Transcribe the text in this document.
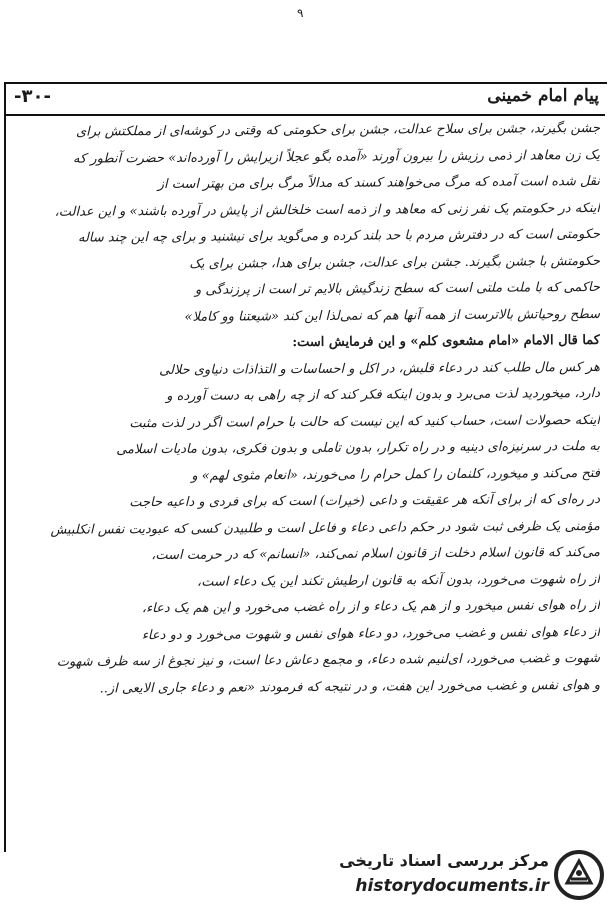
۹
-۳۰-	پیام امام خمینی
جشن بگیرند، جشن برای سلاح عدالت، جشن برای حکومتی که وقتی در کوشه‌ای از مملکتش برای
یک زن معاهد از ذمی رزیش را بیرون آورند «آمده بگو عجلاً ازیرایش را آورده‌اند» حضرت آنطور که
نقل شده است آمده که مرگ می‌خواهند کسند که مدالاً مرگ برای من بهتر است از
اینکه در حکومتم یک نفر زنی که معاهد و از ذمه است خلخالش از پایش در آورده باشند» و این عدالت،
حکومتی است که در دفترش مردم با حد بلند کرده و می‌گوید برای نیشنید و برای چه این چند ساله
حکومتش با جشن بگیرند. جشن برای عدالت، جشن برای هدا، جشن برای یک
حاکمی که با ملت ملتی است که سطح زندگیش بالایم تر است از پرزندگی و
سطح روحیاتش بالاترست از همه آنها هم که نمی‌لذا این کند «شیعتنا وو کاملا»
کما قال الامام «امام مشعوی کلم» و این فرمایش است:
هر کس مال طلب کند در دعاء قلبش، در اکل و احساسات و التذاذات دنیاوی حلالی
دارد، میخوردید لذت می‌برد و بدون اینکه فکر کند که از چه راهی به دست آورده و
اینکه حصولات است، حساب کنید که این نیست که حالت با حرام است اگر در لذت مثبت
به ملت در سرنیزه‌ای دینیه و در راه تکرار، بدون تاملی و بدون فکری، بدون مادیات اسلامی
فتح می‌کند و میخورد، کلنمان را کمل حرام را می‌خورند، «انعام مثوی لهم» و
در ره‌ای که از برای آنکه هر عقیقت و داعی (خیرات) است که برای فردی و داعیه حاجت
مؤمنی یک ظرفی ثبت شود در حکم داعی دعاء و فاعل است و طلبیدن کسی که عبودیت نفس انکلبیش
می‌کند که قانون اسلام دخلت از قانون اسلام نمی‌کند، «انسانم» که در حرمت است،
از راه شهوت می‌خورد، بدون آنکه به قانون ارطیش تکند این یک دعاء است،
از راه هوای نفس میخورد و از هم یک دعاء و از راه غضب می‌خورد و این هم یک دعاء،
از دعاء هوای نفس و غضب می‌خورد، دو دعاء هوای نفس و شهوت می‌خورد و دو دعاء
شهوت و غضب می‌خورد، ای‌لنیم شده دعاء، و مجمع دعاش دعا است، و نیز نجوغ از سه ظرف شهوت
و هوای نفس و غضب می‌خورد این هفت، و در نتیجه که فرمودند «نعم و دعاء جاری الایعی از..
مرکز بررسی اسناد تاریخی
historydocuments.ir
